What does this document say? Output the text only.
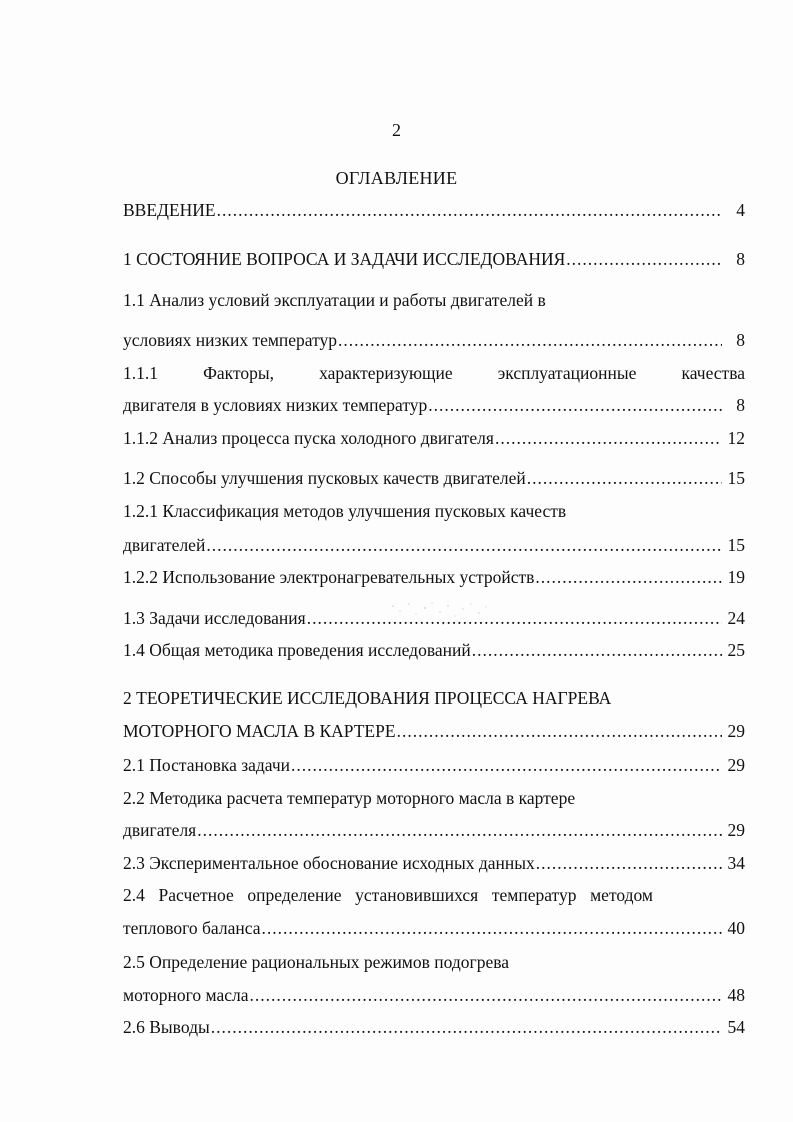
2
ОГЛАВЛЕНИЕ
ВВЕДЕНИЕ .....	4
1 СОСТОЯНИЕ ВОПРОСА И ЗАДАЧИ ИССЛЕДОВАНИЯ .....	8
1.1 Анализ условий эксплуатации и работы двигателей в
условиях низких температур .....	8
1.1.1 Факторы, характеризующие эксплуатационные качества
двигателя в условиях низких температур .....	8
1.1.2 Анализ процесса пуска холодного двигателя .....	12
1.2 Способы улучшения пусковых качеств двигателей .....	15
1.2.1 Классификация методов улучшения пусковых качеств
двигателей .....	15
1.2.2 Использование электронагревательных устройств .....	19
1.3 Задачи исследования .....	24
1.4 Общая методика проведения исследований .....	25
2 ТЕОРЕТИЧЕСКИЕ ИССЛЕДОВАНИЯ ПРОЦЕССА НАГРЕВА
МОТОРНОГО МАСЛА В КАРТЕРЕ .....	29
2.1 Постановка задачи .....	29
2.2 Методика расчета температур моторного масла в картере
двигателя .....	29
2.3 Экспериментальное обоснование исходных данных .....	34
2.4 Расчетное определение установившихся температур методом
теплового баланса .....	40
2.5 Определение рациональных режимов подогрева
моторного масла .....	48
2.6 Выводы .....	54
